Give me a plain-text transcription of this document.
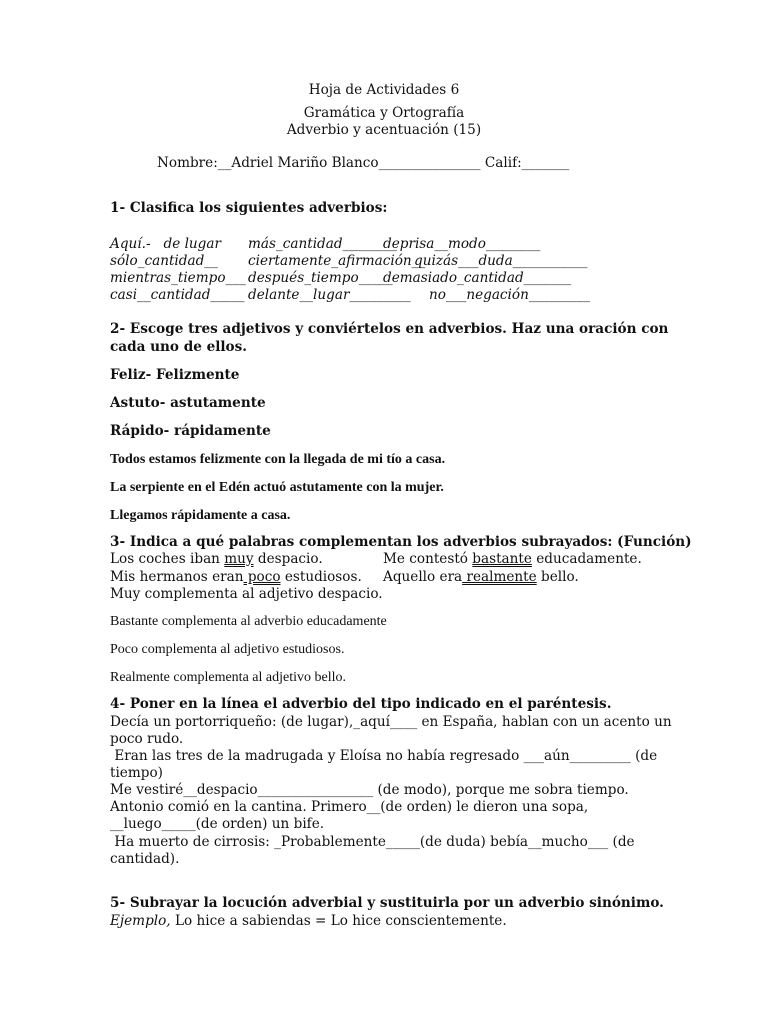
Hoja de Actividades 6
Gramática y Ortografía
Adverbio y acentuación (15)
Nombre:__Adriel Mariño Blanco_______________ Calif:_______
1- Clasifica los siguientes adverbios:
Aquí.-   de lugar más_cantidad________
deprisa__modo________
sólo_cantidad__ ciertamente_afirmación__
quizás___duda___________
mientras_tiempo___ después_tiempo_____
demasiado_cantidad_______
casi__cantidad_____ delante__lugar_________ no___negación_________
2- Escoge tres adjetivos y conviértelos en adverbios. Haz una oración con
cada uno de ellos.
Feliz- Felizmente
Astuto- astutamente
Rápido- rápidamente
Todos estamos felizmente con la llegada de mi tío a casa.
La serpiente en el Edén actuó astutamente con la mujer.
Llegamos rápidamente a casa.
3- Indica a qué palabras complementan los adverbios subrayados: (Función)
Los coches iban muy despacio.	Me contestó bastante educadamente.
Mis hermanos eran poco estudiosos. Aquello era realmente bello.
Muy complementa al adjetivo despacio.
Bastante complementa al adverbio educadamente
Poco complementa al adjetivo estudiosos.
Realmente complementa al adjetivo bello.
4- Poner en la línea el adverbio del tipo indicado en el paréntesis.
Decía un portorriqueño: (de lugar),_aquí____ en España, hablan con un acento un
poco rudo.
Eran las tres de la madrugada y Eloísa no había regresado ___aún_________ (de
tiempo)
Me vestiré__despacio_________________ (de modo), porque me sobra tiempo.
Antonio comió en la cantina. Primero__(de orden) le dieron una sopa,
__luego_____(de orden) un bife.
Ha muerto de cirrosis: _Probablemente_____(de duda) bebía__mucho___ (de
cantidad).
5- Subrayar la locución adverbial y sustituirla por un adverbio sinónimo.
Ejemplo, Lo hice a sabiendas = Lo hice conscientemente.
